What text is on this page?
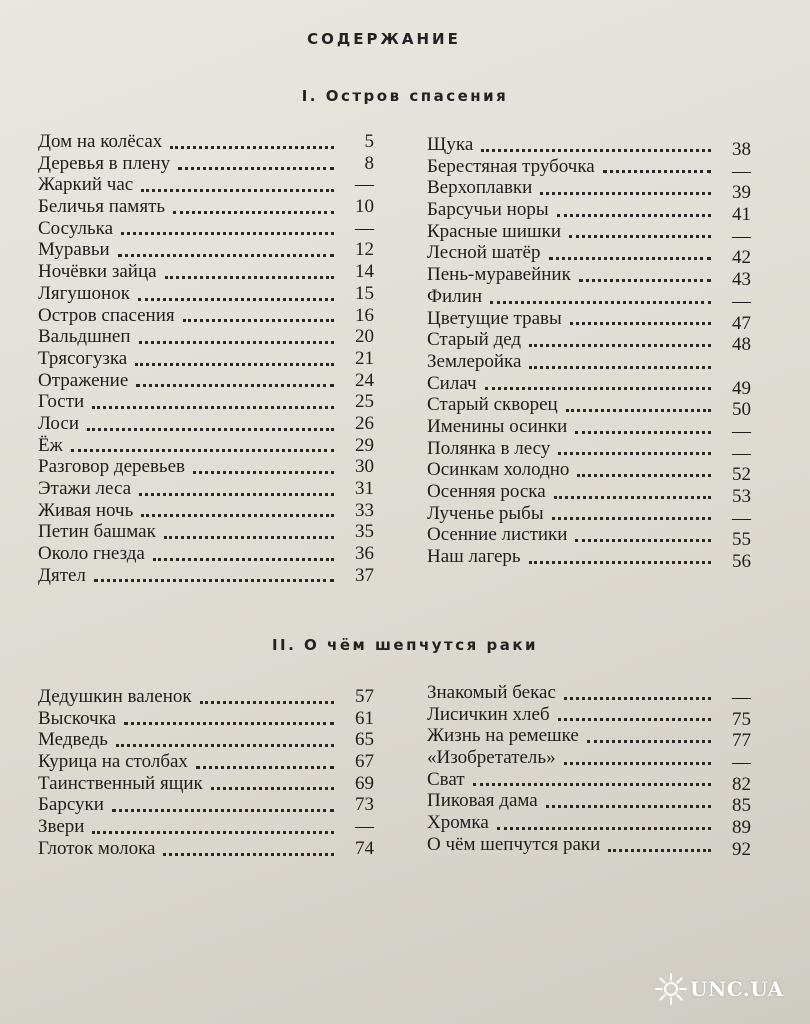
СОДЕРЖАНИЕ
I. Остров спасения
Дом на колёсах	5
Деревья в плену	8
Жаркий час	—
Беличья память	10
Сосулька	—
Муравьи	12
Ночёвки зайца	14
Лягушонок	15
Остров спасения	16
Вальдшнеп	20
Трясогузка	21
Отражение	24
Гости	25
Лоси	26
Ёж	29
Разговор деревьев	30
Этажи леса	31
Живая ночь	33
Петин башмак	35
Около гнезда	36
Дятел	37
Щука	38
Берестяная трубочка	—
Верхоплавки	39
Барсучьи норы	41
Красные шишки	—
Лесной шатёр	42
Пень-муравейник	43
Филин	—
Цветущие травы	47
Старый дед	48
Землеройка
Силач	49
Старый скворец	50
Именины осинки	—
Полянка в лесу	—
Осинкам холодно	52
Осенняя роска	53
Лученье рыбы	—
Осенние листики	55
Наш лагерь	56
II. О чём шепчутся раки
Дедушкин валенок	57
Выскочка	61
Медведь	65
Курица на столбах	67
Таинственный ящик	69
Барсуки	73
Звери	—
Глоток молока	74
Знакомый бекас	—
Лисичкин хлеб	75
Жизнь на ремешке	77
«Изобретатель»	—
Сват	82
Пиковая дама	85
Хромка	89
О чём шепчутся раки	92
UNC.UA
